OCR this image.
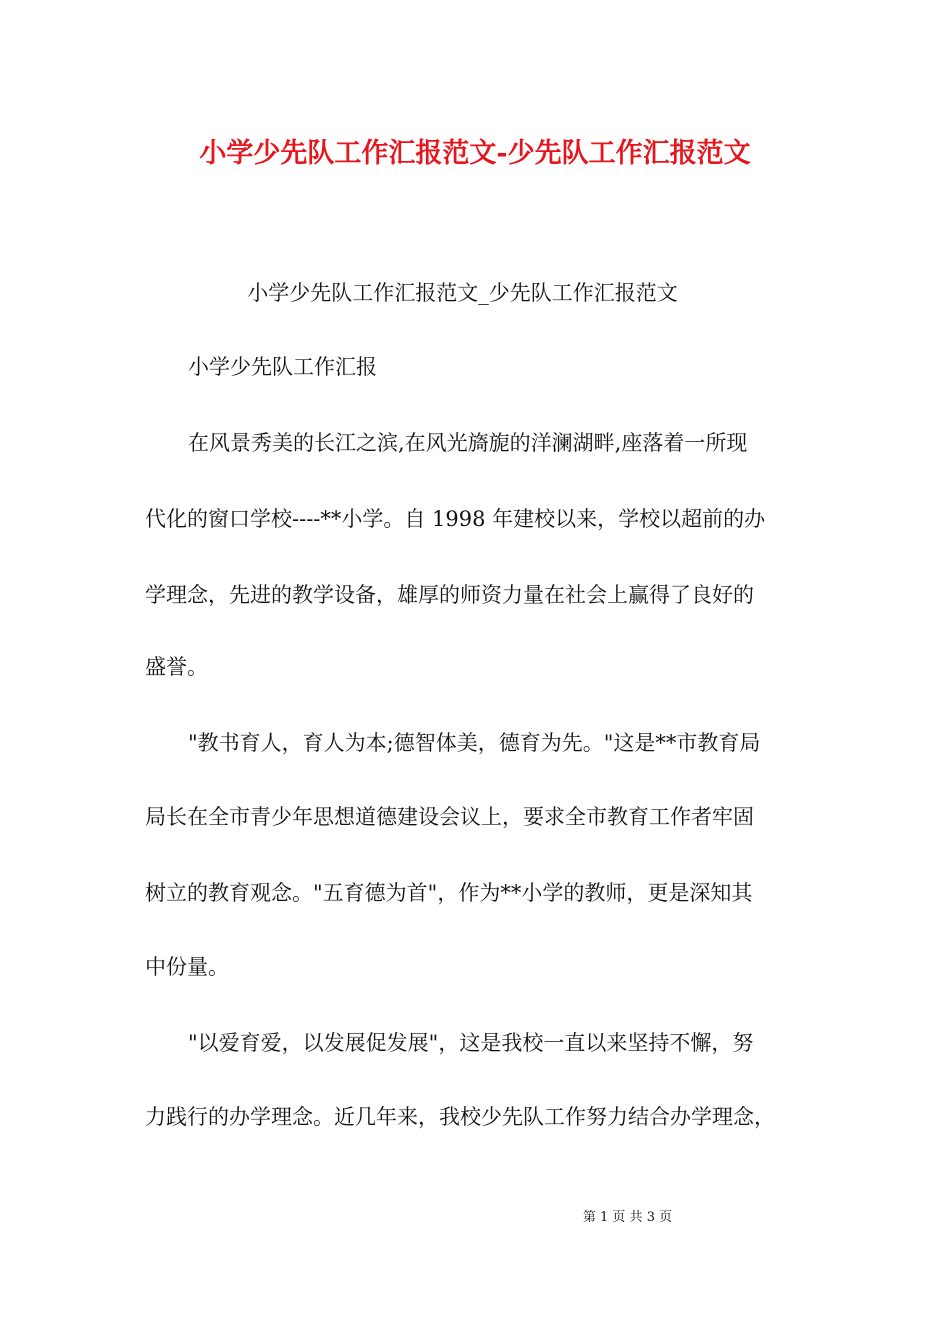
小学少先队工作汇报范文-少先队工作汇报范文

小学少先队工作汇报范文_少先队工作汇报范文

小学少先队工作汇报

在风景秀美的长江之滨,在风光旖旎的洋澜湖畔,座落着一所现

代化的窗口学校----**小学。自 1998 年建校以来，学校以超前的办

学理念，先进的教学设备，雄厚的师资力量在社会上赢得了良好的

盛誉。

"教书育人，育人为本;德智体美，德育为先。"这是**市教育局

局长在全市青少年思想道德建设会议上，要求全市教育工作者牢固

树立的教育观念。"五育德为首"，作为**小学的教师，更是深知其

中份量。

"以爱育爱，以发展促发展"，这是我校一直以来坚持不懈，努

力践行的办学理念。近几年来，我校少先队工作努力结合办学理念，

第 1 页 共 3 页
